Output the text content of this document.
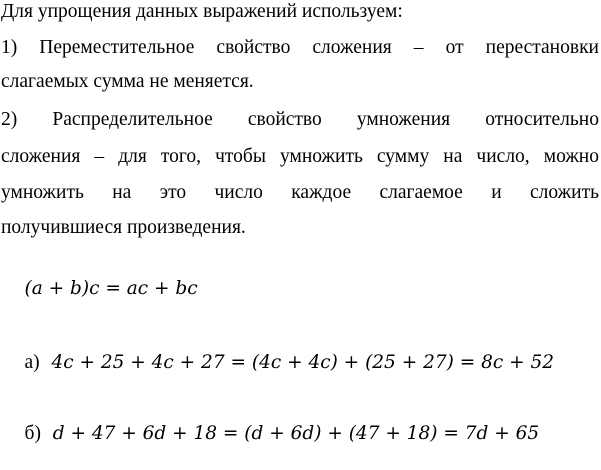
Для упрощения данных выражений используем:
1) Переместительное свойство сложения – от перестановки
слагаемых сумма не меняется.
2) Распределительное свойство умножения относительно
сложения – для того, чтобы умножить сумму на число, можно
умножить на это число каждое слагаемое и сложить
получившиеся произведения.

(a + b)c = ac + bc

а) 4c + 25 + 4c + 27 = (4c + 4c) + (25 + 27) = 8c + 52

б) d + 47 + 6d + 18 = (d + 6d) + (47 + 18) = 7d + 65
